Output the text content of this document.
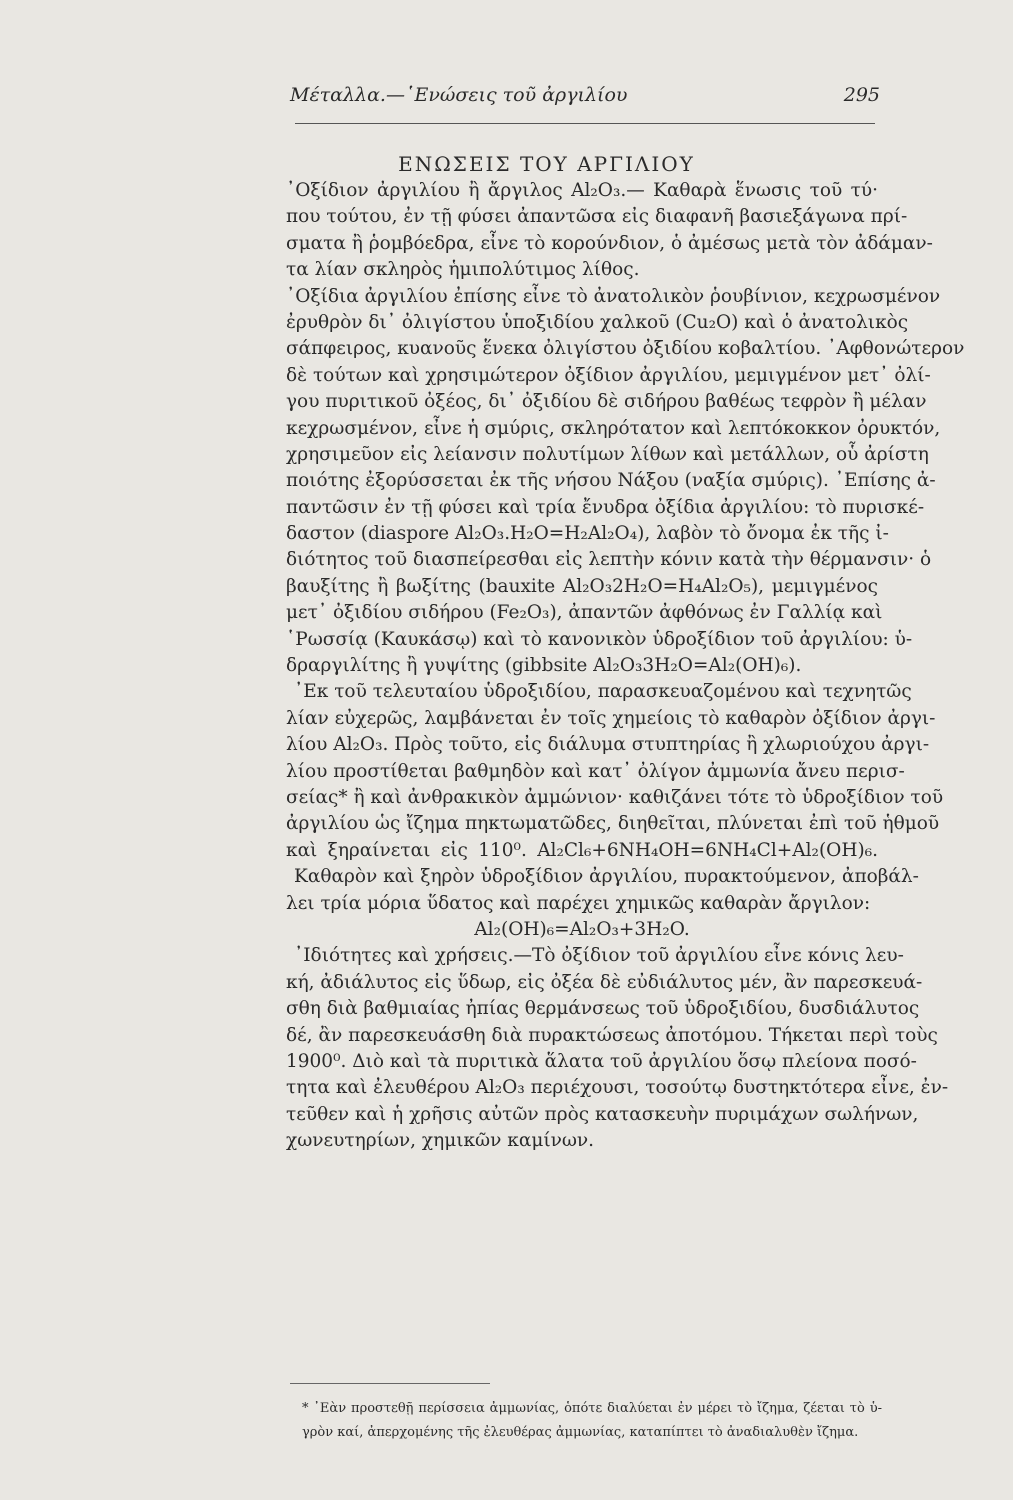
Μέταλλα.—῾Ενώσεις τοῦ ἀργιλίου	295
ΕΝΩΣΕΙΣ ΤΟΥ ΑΡΓΙΛΙΟΥ
᾿Οξίδιον ἀργιλίου ἢ ἄργιλος Al₂O₃.— Καθαρὰ ἕνωσις τοῦ τύ·
που τούτου, ἐν τῇ φύσει ἀπαντῶσα εἰς διαφανῆ βασιεξάγωνα πρί-
σματα ἢ ῥομβόεδρα, εἶνε τὸ κορούνδιον, ὁ ἀμέσως μετὰ τὸν ἀδάμαν-
τα λίαν σκληρὸς ἡμιπολύτιμος λίθος.
᾿Οξίδια ἀργιλίου ἐπίσης εἶνε τὸ ἀνατολικὸν ῥουβίνιον, κεχρωσμένον
ἐρυθρὸν δι᾿ ὀλιγίστου ὑποξιδίου χαλκοῦ (Cu₂O) καὶ ὁ ἀνατολικὸς
σάπφειρος, κυανοῦς ἕνεκα ὀλιγίστου ὀξιδίου κοβαλτίου. ᾿Αφθονώτερον
δὲ τούτων καὶ χρησιμώτερον ὀξίδιον ἀργιλίου, μεμιγμένον μετ᾿ ὀλί-
γου πυριτικοῦ ὀξέος, δι᾿ ὀξιδίου δὲ σιδήρου βαθέως τεφρὸν ἢ μέλαν
κεχρωσμένον, εἶνε ἡ σμύρις, σκληρότατον καὶ λεπτόκοκκον ὀρυκτόν,
χρησιμεῦον εἰς λείανσιν πολυτίμων λίθων καὶ μετάλλων, οὗ ἀρίστη
ποιότης ἐξορύσσεται ἐκ τῆς νήσου Νάξου (ναξία σμύρις). ᾿Επίσης ἀ-
παντῶσιν ἐν τῇ φύσει καὶ τρία ἔνυδρα ὀξίδια ἀργιλίου: τὸ πυρισκέ-
δαστον (diaspore Al₂O₃.H₂O=H₂Al₂O₄), λαβὸν τὸ ὄνομα ἐκ τῆς ἰ-
διότητος τοῦ διασπείρεσθαι εἰς λεπτὴν κόνιν κατὰ τὴν θέρμανσιν· ὁ
βαυξίτης ἢ βωξίτης (bauxite Al₂O₃2H₂O=H₄Al₂O₅), μεμιγμένος
μετ᾿ ὀξιδίου σιδήρου (Fe₂O₃), ἀπαντῶν ἀφθόνως ἐν Γαλλίᾳ καὶ
῾Ρωσσίᾳ (Καυκάσῳ) καὶ τὸ κανονικὸν ὑδροξίδιον τοῦ ἀργιλίου: ὑ-
δραργιλίτης ἢ γυψίτης (gibbsite Al₂O₃3H₂O=Al₂(OH)₆).
᾿Εκ τοῦ τελευταίου ὑδροξιδίου, παρασκευαζομένου καὶ τεχνητῶς
λίαν εὐχερῶς, λαμβάνεται ἐν τοῖς χημείοις τὸ καθαρὸν ὀξίδιον ἀργι-
λίου Al₂O₃. Πρὸς τοῦτο, εἰς διάλυμα στυπτηρίας ἢ χλωριούχου ἀργι-
λίου προστίθεται βαθμηδὸν καὶ κατ᾿ ὀλίγον ἀμμωνία ἄνευ περισ-
σείας* ἢ καὶ ἀνθρακικὸν ἀμμώνιον· καθιζάνει τότε τὸ ὑδροξίδιον τοῦ
ἀργιλίου ὡς ἴζημα πηκτωματῶδες, διηθεῖται, πλύνεται ἐπὶ τοῦ ἡθμοῦ
καὶ ξηραίνεται εἰς 110⁰. Al₂Cl₆+6NH₄OH=6NH₄Cl+Al₂(OH)₆.
Καθαρὸν καὶ ξηρὸν ὑδροξίδιον ἀργιλίου, πυρακτούμενον, ἀποβάλ-
λει τρία μόρια ὕδατος καὶ παρέχει χημικῶς καθαρὰν ἄργιλον:
Al₂(OH)₆=Al₂O₃+3H₂O.
᾿Ιδιότητες καὶ χρήσεις.—Τὸ ὀξίδιον τοῦ ἀργιλίου εἶνε κόνις λευ-
κή, ἀδιάλυτος εἰς ὕδωρ, εἰς ὀξέα δὲ εὐδιάλυτος μέν, ἂν παρεσκευά-
σθη διὰ βαθμιαίας ἠπίας θερμάνσεως τοῦ ὑδροξιδίου, δυσδιάλυτος
δέ, ἂν παρεσκευάσθη διὰ πυρακτώσεως ἀποτόμου. Τήκεται περὶ τοὺς
1900⁰. Διὸ καὶ τὰ πυριτικὰ ἅλατα τοῦ ἀργιλίου ὅσῳ πλείονα ποσό-
τητα καὶ ἐλευθέρου Al₂O₃ περιέχουσι, τοσούτῳ δυστηκτότερα εἶνε, ἐν-
τεῦθεν καὶ ἡ χρῆσις αὐτῶν πρὸς κατασκευὴν πυριμάχων σωλήνων,
χωνευτηρίων, χημικῶν καμίνων.
* ᾿Εὰν προστεθῇ περίσσεια ἀμμωνίας, ὁπότε διαλύεται ἐν μέρει τὸ ἴζημα, ζέεται τὸ ὑ-
γρὸν καί, ἀπερχομένης τῆς ἐλευθέρας ἀμμωνίας, καταπίπτει τὸ ἀναδιαλυθὲν ἴζημα.
